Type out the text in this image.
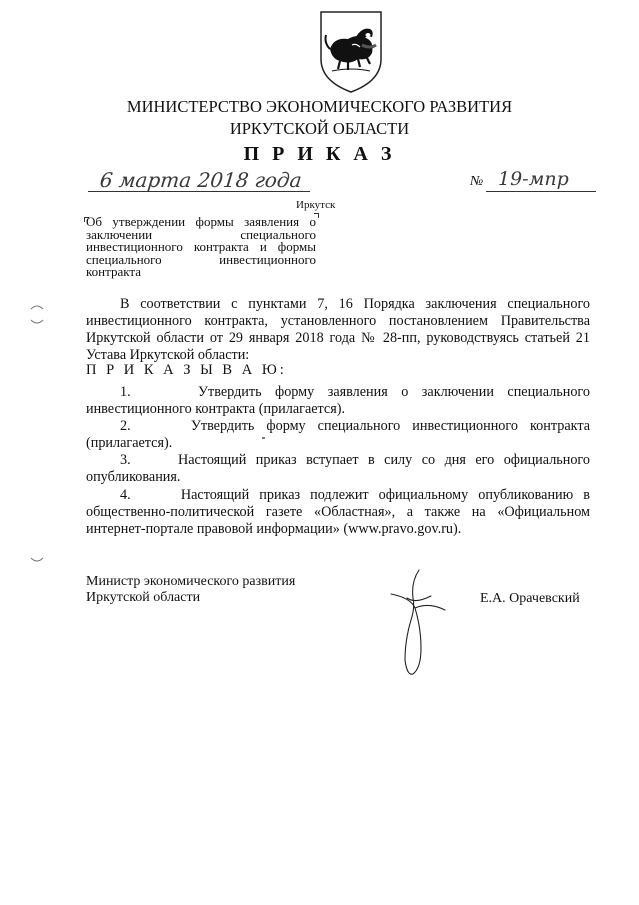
МИНИСТЕРСТВО ЭКОНОМИЧЕСКОГО РАЗВИТИЯ
ИРКУТСКОЙ ОБЛАСТИ
П Р И К А З
6 марта 2018 года	№ 19-мпр
Иркутск
Об утверждении формы заявления о заключении специального инвестиционного контракта и формы специального инвестиционного контракта
В соответствии с пунктами 7, 16 Порядка заключения специального инвестиционного контракта, установленного постановлением Правительства Иркутской области от 29 января 2018 года № 28-пп, руководствуясь статьей 21 Устава Иркутской области:
П Р И К А З Ы В А Ю:
1.     Утвердить форму заявления о заключении специального инвестиционного контракта (прилагается).
2.     Утвердить форму специального инвестиционного контракта (прилагается).
3.     Настоящий приказ вступает в силу со дня его официального опубликования.
4.     Настоящий приказ подлежит официальному опубликованию в общественно-политической газете «Областная», а также на «Официальном интернет-портале правовой информации» (www.pravo.gov.ru).
Министр экономического развития
Иркутской области	Е.А. Орачевский
